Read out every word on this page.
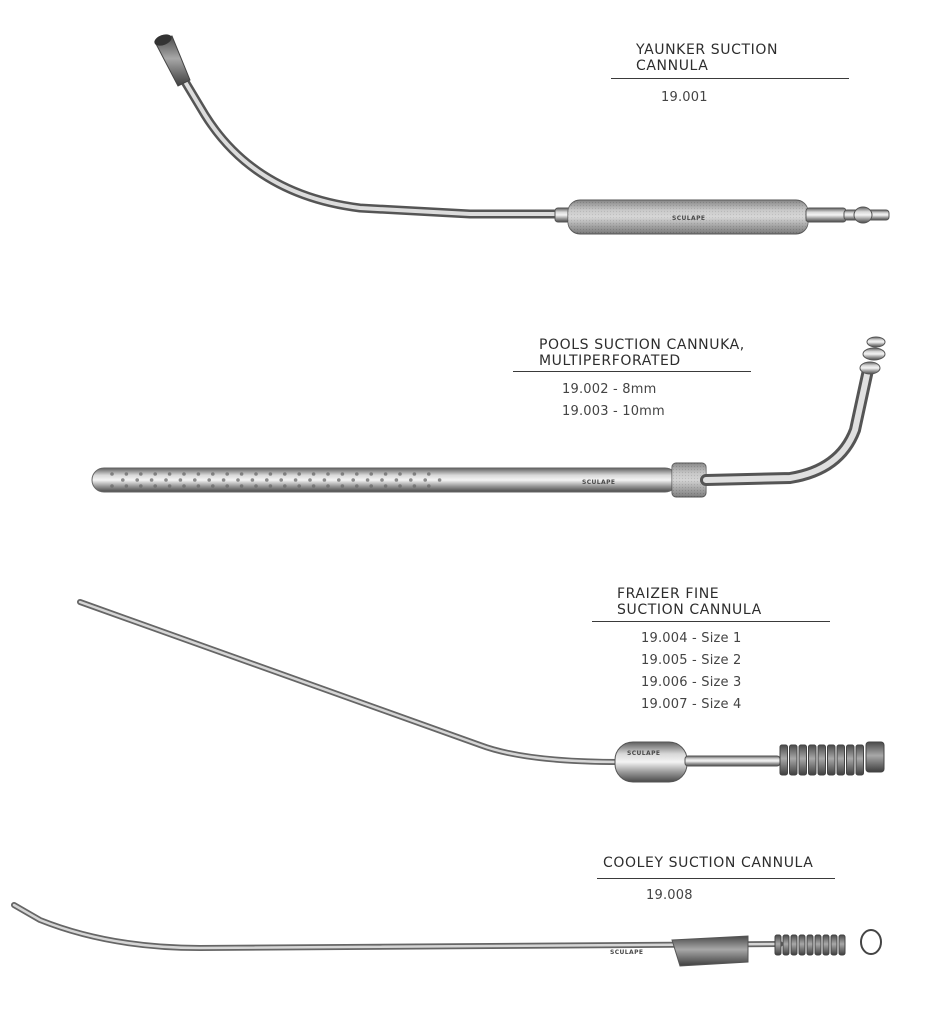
SCULAPE
SCULAPE
SCULAPE
SCULAPE
YAUNKER SUCTION
CANNULA
19.001
POOLS SUCTION CANNUKA,
MULTIPERFORATED
19.002 - 8mm
19.003 - 10mm
FRAIZER FINE
SUCTION CANNULA
19.004 - Size 1
19.005 - Size 2
19.006 - Size 3
19.007 - Size 4
COOLEY SUCTION CANNULA
19.008
